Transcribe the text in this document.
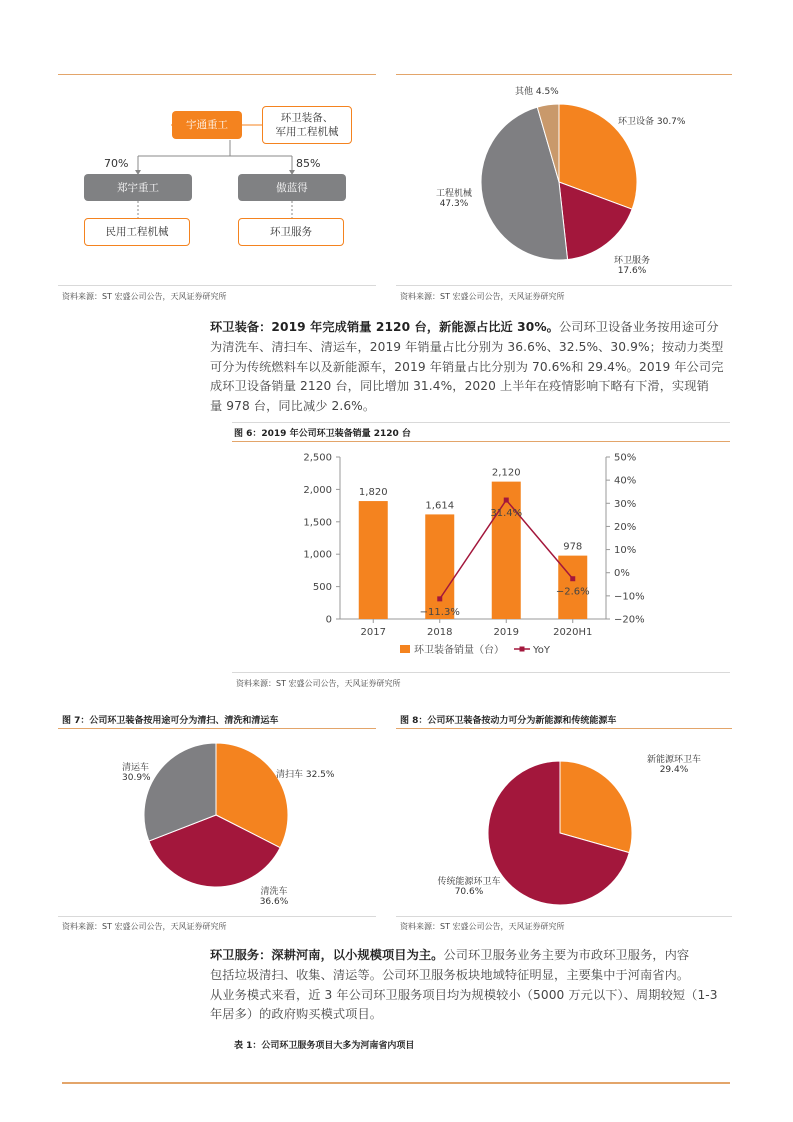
宇通重工
环卫装备、
军用工程机械
70%	85%
郑宇重工	傲蓝得
民用工程机械	环卫服务
其他 4.5%
环卫设备 30.7%
工程机械
47.3%
环卫服务
17.6%
资料来源：ST 宏盛公司公告，天风证券研究所	资料来源：ST 宏盛公司公告，天风证券研究所
环卫装备：2019 年完成销量 2120 台，新能源占比近 30%。公司环卫设备业务按用途可分
为清洗车、清扫车、清运车，2019 年销量占比分别为 36.6%、32.5%、30.9%；按动力类型
可分为传统燃料车以及新能源车，2019 年销量占比分别为 70.6%和 29.4%。2019 年公司完
成环卫设备销量 2120 台，同比增加 31.4%，2020 上半年在疫情影响下略有下滑，实现销
量 978 台，同比减少 2.6%。
图 6：2019 年公司环卫装备销量 2120 台
0
500
1,000
1,500
2,000
2,500
−20%
−10%
0%
10%
20%
30%
40%
50%
1,820
2017
1,614
2018
2,120
2019
978
2020H1
−11.3%
31.4%
−2.6%
环卫装备销量（台）	YoY
资料来源：ST 宏盛公司公告，天风证券研究所
图 7：公司环卫装备按用途可分为清扫、清洗和清运车	图 8：公司环卫装备按动力可分为新能源和传统能源车
清扫车 32.5%
清洗车
36.6%
清运车
30.9%
新能源环卫车
29.4%
传统能源环卫车
70.6%
资料来源：ST 宏盛公司公告，天风证券研究所	资料来源：ST 宏盛公司公告，天风证券研究所
环卫服务：深耕河南，以小规模项目为主。公司环卫服务业务主要为市政环卫服务，内容
包括垃圾清扫、收集、清运等。公司环卫服务板块地域特征明显，主要集中于河南省内。
从业务模式来看，近 3 年公司环卫服务项目均为规模较小（5000 万元以下）、周期较短（1-3
年居多）的政府购买模式项目。
表 1：公司环卫服务项目大多为河南省内项目
